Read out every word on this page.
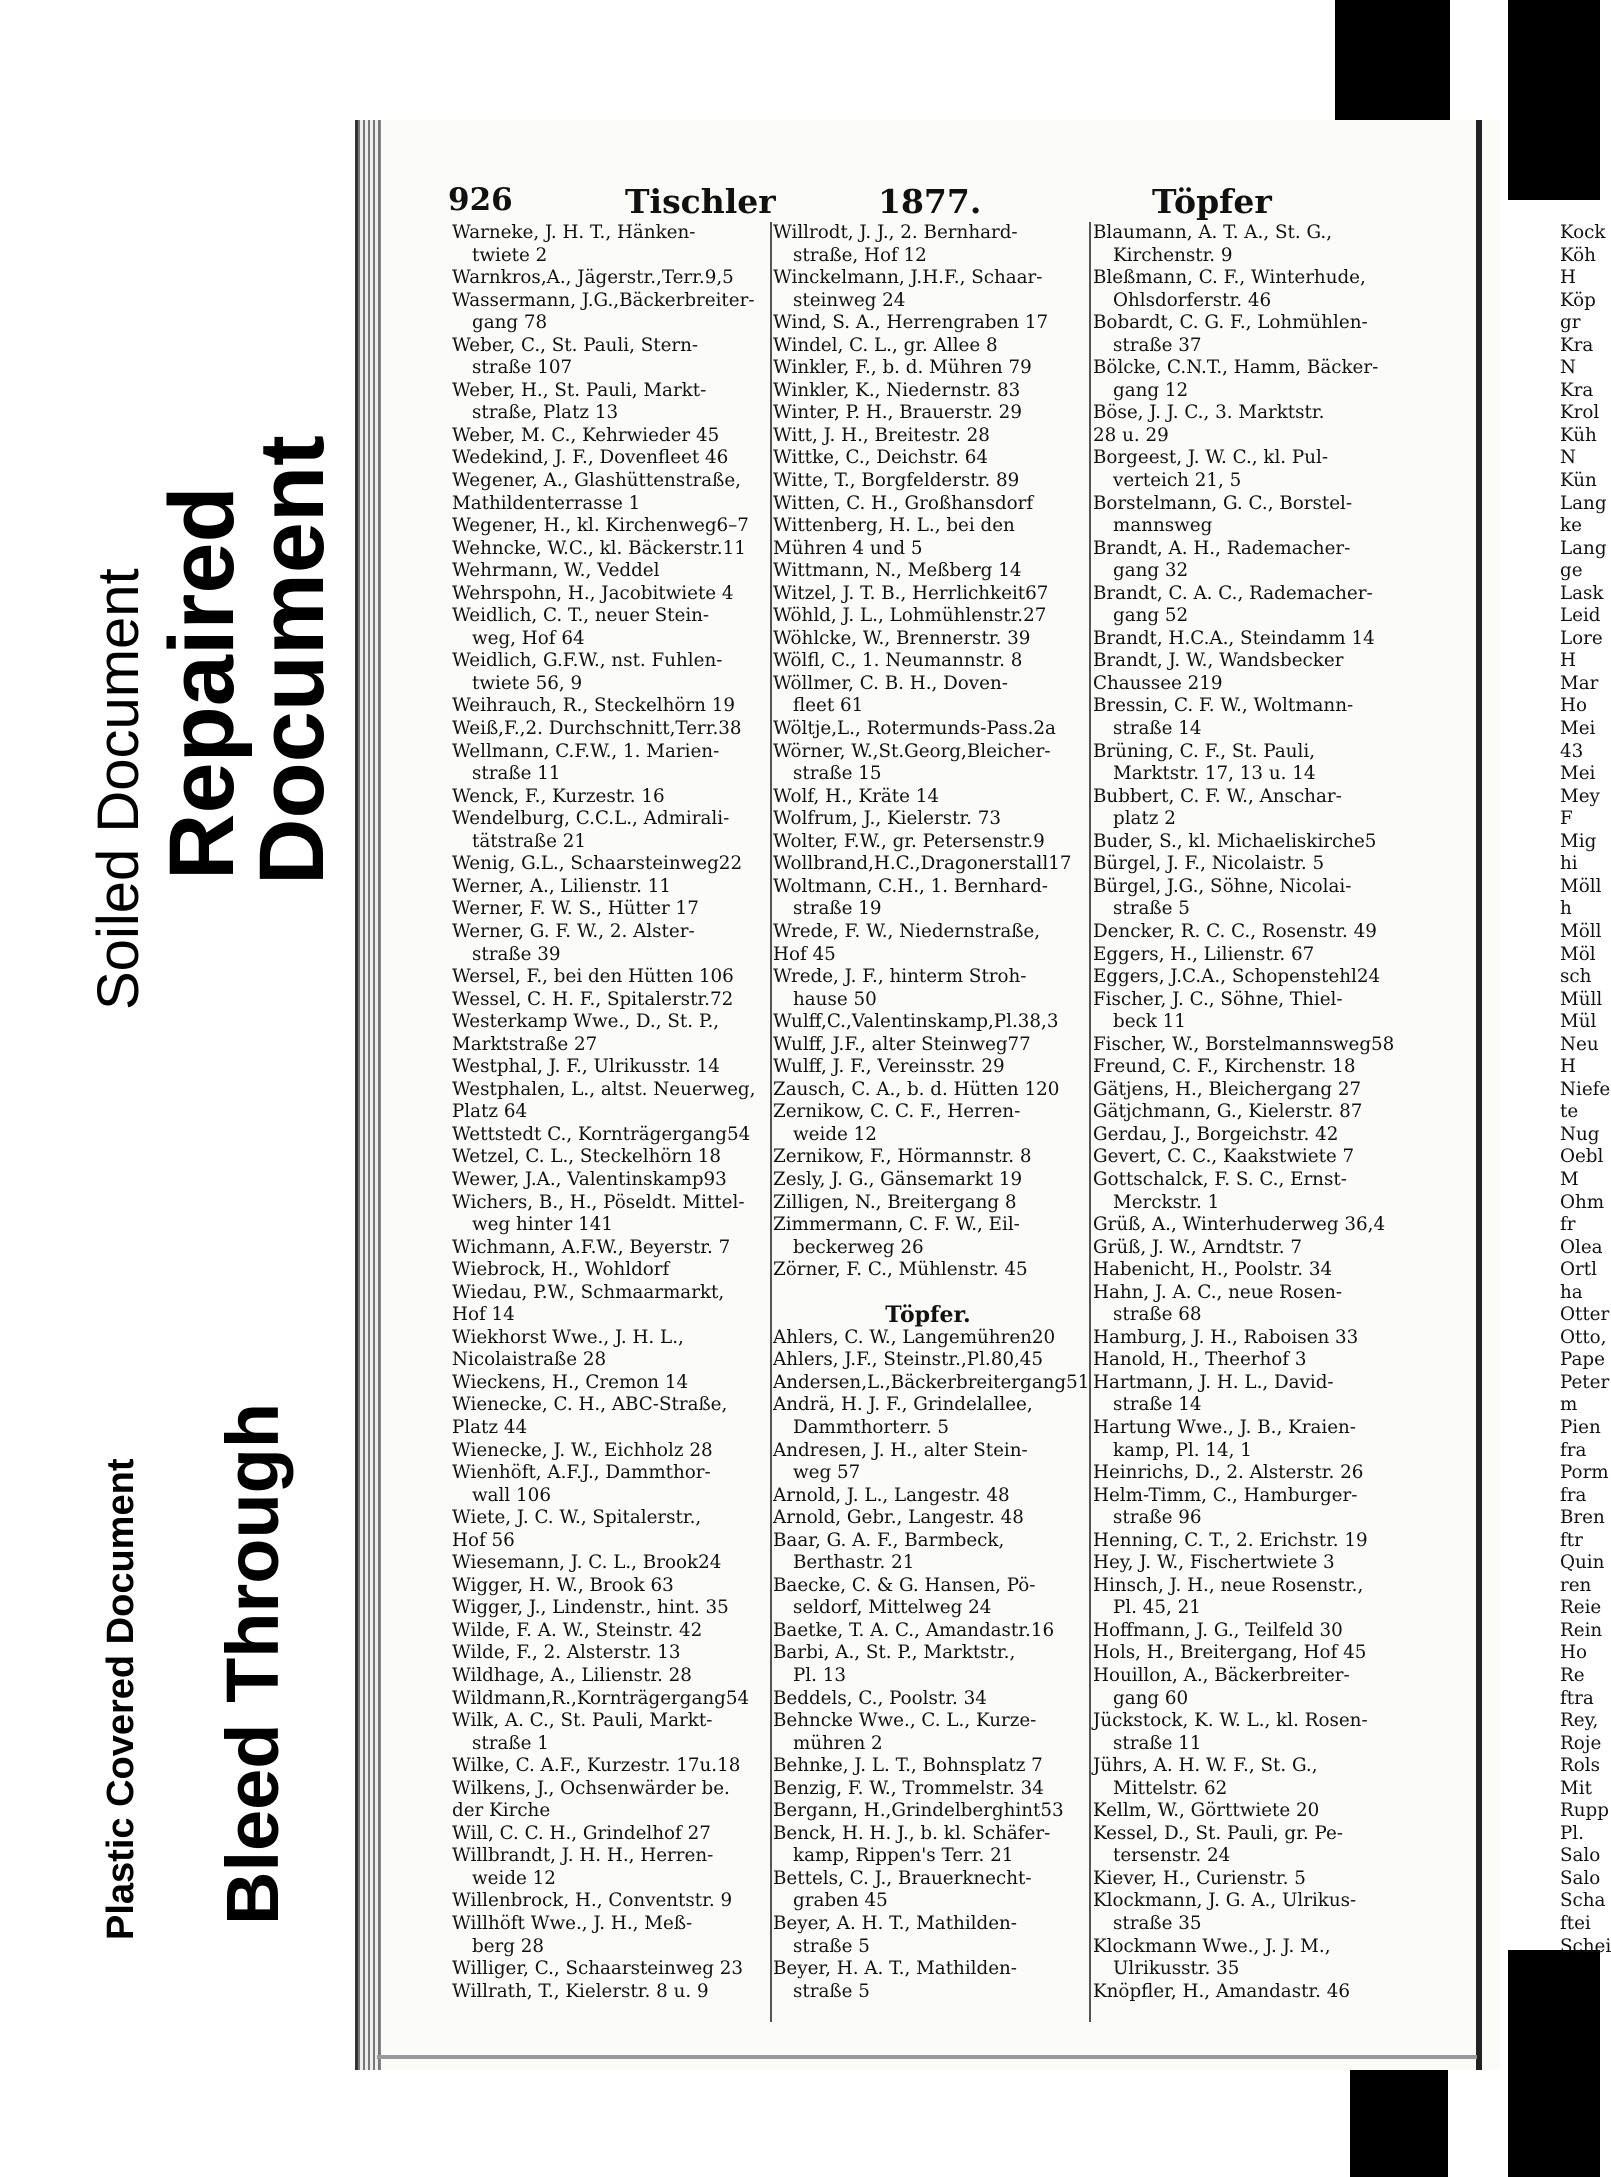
Soiled Document Repaired
Document
Plastic Covered Document Bleed Through
926	Tischler	1877.	Töpfer
Warneke, J. H. T., Hänken-
twiete 2
Warnkros,A., Jägerstr.,Terr.9,5
Wassermann, J.G.,Bäckerbreiter-
gang 78
Weber, C., St. Pauli, Stern-
straße 107
Weber, H., St. Pauli, Markt-
straße, Platz 13
Weber, M. C., Kehrwieder 45
Wedekind, J. F., Dovenfleet 46
Wegener, A., Glashüttenstraße,
Mathildenterrasse 1
Wegener, H., kl. Kirchenweg6–7
Wehncke, W.C., kl. Bäckerstr.11
Wehrmann, W., Veddel
Wehrspohn, H., Jacobitwiete 4
Weidlich, C. T., neuer Stein-
weg, Hof 64
Weidlich, G.F.W., nst. Fuhlen-
twiete 56, 9
Weihrauch, R., Steckelhörn 19
Weiß,F.,2. Durchschnitt,Terr.38
Wellmann, C.F.W., 1. Marien-
straße 11
Wenck, F., Kurzestr. 16
Wendelburg, C.C.L., Admirali-
tätstraße 21
Wenig, G.L., Schaarsteinweg22
Werner, A., Lilienstr. 11
Werner, F. W. S., Hütter 17
Werner, G. F. W., 2. Alster-
straße 39
Wersel, F., bei den Hütten 106
Wessel, C. H. F., Spitalerstr.72
Westerkamp Wwe., D., St. P.,
Marktstraße 27
Westphal, J. F., Ulrikusstr. 14
Westphalen, L., altst. Neuerweg,
Platz 64
Wettstedt C., Kornträgergang54
Wetzel, C. L., Steckelhörn 18
Wewer, J.A., Valentinskamp93
Wichers, B., H., Pöseldt. Mittel-
weg hinter 141
Wichmann, A.F.W., Beyerstr. 7
Wiebrock, H., Wohldorf
Wiedau, P.W., Schmaarmarkt,
Hof 14
Wiekhorst Wwe., J. H. L.,
Nicolaistraße 28
Wieckens, H., Cremon 14
Wienecke, C. H., ABC-Straße,
Platz 44
Wienecke, J. W., Eichholz 28
Wienhöft, A.F.J., Dammthor-
wall 106
Wiete, J. C. W., Spitalerstr.,
Hof 56
Wiesemann, J. C. L., Brook24
Wigger, H. W., Brook 63
Wigger, J., Lindenstr., hint. 35
Wilde, F. A. W., Steinstr. 42
Wilde, F., 2. Alsterstr. 13
Wildhage, A., Lilienstr. 28
Wildmann,R.,Kornträgergang54
Wilk, A. C., St. Pauli, Markt-
straße 1
Wilke, C. A.F., Kurzestr. 17u.18
Wilkens, J., Ochsenwärder be.
der Kirche
Will, C. C. H., Grindelhof 27
Willbrandt, J. H. H., Herren-
weide 12
Willenbrock, H., Conventstr. 9
Willhöft Wwe., J. H., Meß-
berg 28
Williger, C., Schaarsteinweg 23
Willrath, T., Kielerstr. 8 u. 9
Willrodt, J. J., 2. Bernhard-
straße, Hof 12
Winckelmann, J.H.F., Schaar-
steinweg 24
Wind, S. A., Herrengraben 17
Windel, C. L., gr. Allee 8
Winkler, F., b. d. Mühren 79
Winkler, K., Niedernstr. 83
Winter, P. H., Brauerstr. 29
Witt, J. H., Breitestr. 28
Wittke, C., Deichstr. 64
Witte, T., Borgfelderstr. 89
Witten, C. H., Großhansdorf
Wittenberg, H. L., bei den
Mühren 4 und 5
Wittmann, N., Meßberg 14
Witzel, J. T. B., Herrlichkeit67
Wöhld, J. L., Lohmühlenstr.27
Wöhlcke, W., Brennerstr. 39
Wölfl, C., 1. Neumannstr. 8
Wöllmer, C. B. H., Doven-
fleet 61
Wöltje,L., Rotermunds-Pass.2a
Wörner, W.,St.Georg,Bleicher-
straße 15
Wolf, H., Kräte 14
Wolfrum, J., Kielerstr. 73
Wolter, F.W., gr. Petersenstr.9
Wollbrand,H.C.,Dragonerstall17
Woltmann, C.H., 1. Bernhard-
straße 19
Wrede, F. W., Niedernstraße,
Hof 45
Wrede, J. F., hinterm Stroh-
hause 50
Wulff,C.,Valentinskamp,Pl.38,3
Wulff, J.F., alter Steinweg77
Wulff, J. F., Vereinsstr. 29
Zausch, C. A., b. d. Hütten 120
Zernikow, C. C. F., Herren-
weide 12
Zernikow, F., Hörmannstr. 8
Zesly, J. G., Gänsemarkt 19
Zilligen, N., Breitergang 8
Zimmermann, C. F. W., Eil-
beckerweg 26
Zörner, F. C., Mühlenstr. 45
Töpfer.
Ahlers, C. W., Langemühren20
Ahlers, J.F., Steinstr.,Pl.80,45
Andersen,L.,Bäckerbreitergang51
Andrä, H. J. F., Grindelallee,
Dammthorterr. 5
Andresen, J. H., alter Stein-
weg 57
Arnold, J. L., Langestr. 48
Arnold, Gebr., Langestr. 48
Baar, G. A. F., Barmbeck,
Berthastr. 21
Baecke, C. & G. Hansen, Pö-
seldorf, Mittelweg 24
Baetke, T. A. C., Amandastr.16
Barbi, A., St. P., Marktstr.,
Pl. 13
Beddels, C., Poolstr. 34
Behncke Wwe., C. L., Kurze-
mühren 2
Behnke, J. L. T., Bohnsplatz 7
Benzig, F. W., Trommelstr. 34
Bergann, H.,Grindelberghint53
Benck, H. H. J., b. kl. Schäfer-
kamp, Rippen's Terr. 21
Bettels, C. J., Brauerknecht-
graben 45
Beyer, A. H. T., Mathilden-
straße 5
Beyer, H. A. T., Mathilden-
straße 5
Blaumann, A. T. A., St. G.,
Kirchenstr. 9
Bleßmann, C. F., Winterhude,
Ohlsdorferstr. 46
Bobardt, C. G. F., Lohmühlen-
straße 37
Bölcke, C.N.T., Hamm, Bäcker-
gang 12
Böse, J. J. C., 3. Marktstr.
28 u. 29
Borgeest, J. W. C., kl. Pul-
verteich 21, 5
Borstelmann, G. C., Borstel-
mannsweg
Brandt, A. H., Rademacher-
gang 32
Brandt, C. A. C., Rademacher-
gang 52
Brandt, H.C.A., Steindamm 14
Brandt, J. W., Wandsbecker
Chaussee 219
Bressin, C. F. W., Woltmann-
straße 14
Brüning, C. F., St. Pauli,
Marktstr. 17, 13 u. 14
Bubbert, C. F. W., Anschar-
platz 2
Buder, S., kl. Michaeliskirche5
Bürgel, J. F., Nicolaistr. 5
Bürgel, J.G., Söhne, Nicolai-
straße 5
Dencker, R. C. C., Rosenstr. 49
Eggers, H., Lilienstr. 67
Eggers, J.C.A., Schopenstehl24
Fischer, J. C., Söhne, Thiel-
beck 11
Fischer, W., Borstelmannsweg58
Freund, C. F., Kirchenstr. 18
Gätjens, H., Bleichergang 27
Gätjchmann, G., Kielerstr. 87
Gerdau, J., Borgeichstr. 42
Gevert, C. C., Kaakstwiete 7
Gottschalck, F. S. C., Ernst-
Merckstr. 1
Grüß, A., Winterhuderweg 36,4
Grüß, J. W., Arndtstr. 7
Habenicht, H., Poolstr. 34
Hahn, J. A. C., neue Rosen-
straße 68
Hamburg, J. H., Raboisen 33
Hanold, H., Theerhof 3
Hartmann, J. H. L., David-
straße 14
Hartung Wwe., J. B., Kraien-
kamp, Pl. 14, 1
Heinrichs, D., 2. Alsterstr. 26
Helm-Timm, C., Hamburger-
straße 96
Henning, C. T., 2. Erichstr. 19
Hey, J. W., Fischertwiete 3
Hinsch, J. H., neue Rosenstr.,
Pl. 45, 21
Hoffmann, J. G., Teilfeld 30
Hols, H., Breitergang, Hof 45
Houillon, A., Bäckerbreiter-
gang 60
Jückstock, K. W. L., kl. Rosen-
straße 11
Jührs, A. H. W. F., St. G.,
Mittelstr. 62
Kellm, W., Görttwiete 20
Kessel, D., St. Pauli, gr. Pe-
tersenstr. 24
Kiever, H., Curienstr. 5
Klockmann, J. G. A., Ulrikus-
straße 35
Klockmann Wwe., J. J. M.,
Ulrikusstr. 35
Knöpfler, H., Amandastr. 46
Kock
Köh
H
Köp
gr
Kra
N
Kra
Krol
Küh
N
Kün
Lang
ke
Lang
ge
Lask
Leid
Lore
H
Mar
Ho
Mei
43
Mei
Mey
F
Mig
hi
Möll
h
Möll
Möl
sch
Müll
Mül
Neu
H
Niefe
te
Nug
Oebl
M
Ohm
fr
Olea
Ortl
ha
Otter
Otto,
Pape
Peter
m
Pien
fra
Porm
fra
Bren
ftr
Quin
ren
Reie
Rein
Ho
Re
ftra
Rey,
Roje
Rols
Mit
Rupp
Pl.
Salo
Salo
Scha
ftei
Schei
